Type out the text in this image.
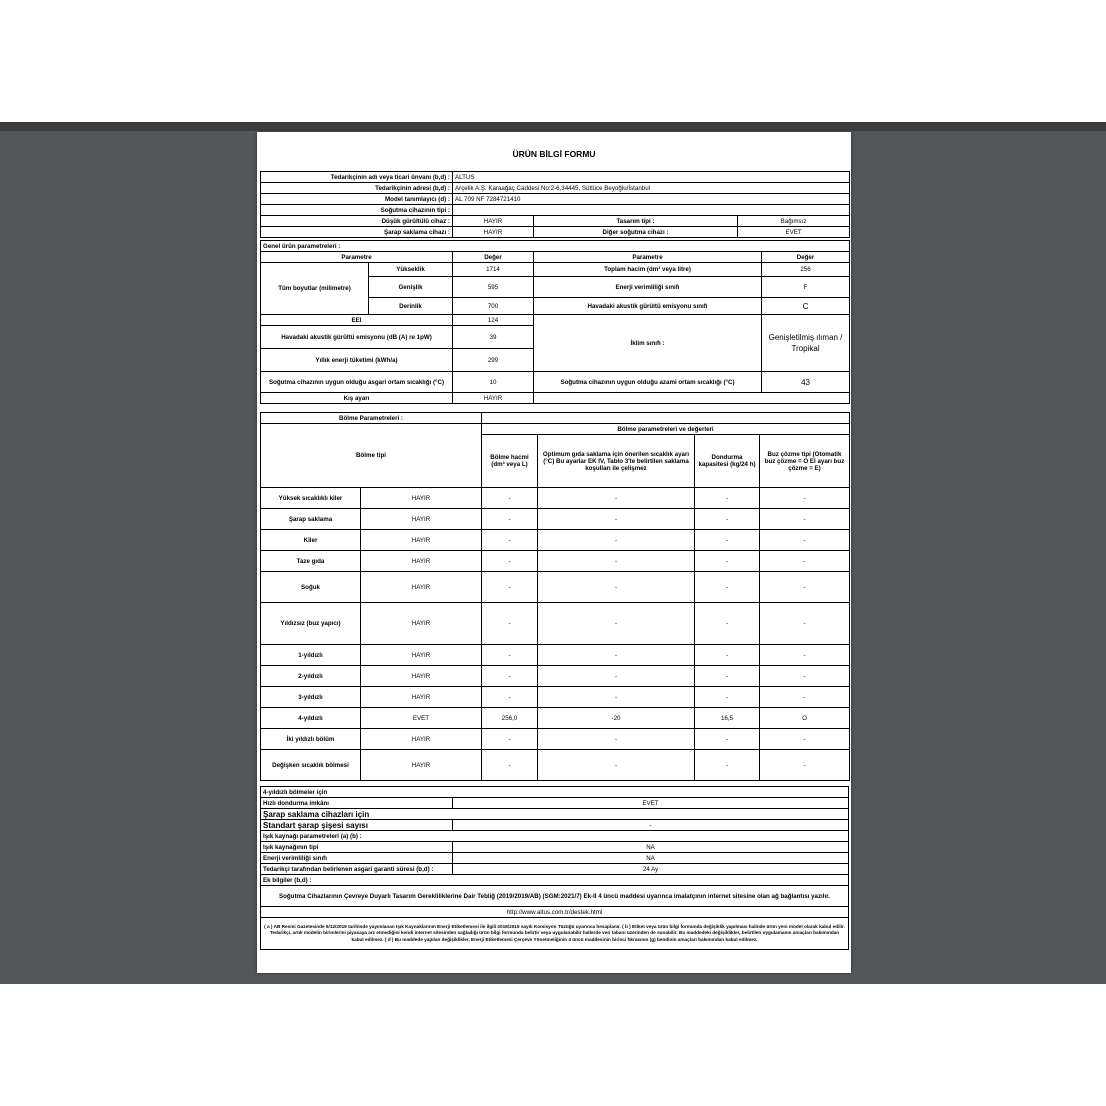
ÜRÜN BİLGİ FORMU
Tedarikçinin adı veya ticari ünvanı (b,d) :	ALTUS		
Tedarikçinin adresi (b,d) :	Arçelik A.Ş. Karaağaç Caddesi No:2-6,34445, Sütlüce Beyoğlu/İstanbul		
Model tanımlayıcı (d) :	AL 709 NF 7284721410		
Soğutma cihazının tipi :			
Düşük gürültülü cihaz :	HAYIR	Tasarım tipi :	Bağımsız
Şarap saklama cihazı :	HAYIR	Diğer soğutma cihazı :	EVET
Genel ürün parametreleri :				
Parametre		Değer	Parametre	Değer
Tüm boyutlar (milimetre)	Yükseklik	1714	Toplam hacim (dm³ veya litre)	256
	Genişlik	595	Enerji verimliliği sınıfı	F
	Derinlik	700	Havadaki akustik gürültü emisyonu sınıfı	C
EEI		124	İklim sınıfı :	Genişletilmiş ılıman / Tropikal
Havadaki akustik gürültü emisyonu (dB (A) re 1pW)		39		
Yıllık enerji tüketimi (kWh/a)		299		
Soğutma cihazının uygun olduğu asgari ortam sıcaklığı (°C)		10	Soğutma cihazının uygun olduğu azami ortam sıcaklığı (°C)	43
Kış ayarı		HAYIR		
Bölme Parametreleri :					
Bölme tipi		Bölme parametreleri ve değerleri			
		Bölme hacmi (dm³ veya L)	Optimum gıda saklama için önerilen sıcaklık ayarı (°C) Bu ayarlar EK IV, Tablo 3'te belirtilen saklama koşulları ile çelişmez	Dondurma kapasitesi (kg/24 h)	Buz çözme tipi (Otomatik buz çözme = O El ayarı buz çözme = E)
Yüksek sıcaklıklı kiler	HAYIR	-	-	-	-
Şarap saklama	HAYIR	-	-	-	-
Kiler	HAYIR	-	-	-	-
Taze gıda	HAYIR	-	-	-	-
Soğuk	HAYIR	-	-	-	-
Yıldızsız (buz yapıcı)	HAYIR	-	-	-	-
1-yıldızlı	HAYIR	-	-	-	-
2-yıldızlı	HAYIR	-	-	-	-
3-yıldızlı	HAYIR	-	-	-	-
4-yıldızlı	EVET	256,0	-20	16,5	O
İki yıldızlı bölüm	HAYIR	-	-	-	-
Değişken sıcaklık bölmesi	HAYIR	-	-	-	-
4-yıldızlı bölmeler için	
Hızlı dondurma imkânı	EVET
Şarap saklama cihazları için	
Standart şarap şişesi sayısı	-
Işık kaynağı parametreleri (a) (b) :	
Işık kaynağının tipi	NA
Enerji verimliliği sınıfı	NA
Tedarikçi tarafından belirlenen asgari garanti süresi (b,d) :	24 Ay
Ek bilgiler (b,d) :	
Soğutma Cihazlarının Çevreye Duyarlı Tasarım Gereklilikler​ine Dair Tebliğ (2019/2019/AB) (SGM:2021/7) Ek-II 4 üncü maddesi uyarınca imalatçının internet sitesine olan ağ bağlantısı yazılır.	
http://www.altus.com.tr/destek.html	
( a ) AB Resmi Gazetesinde 5/12/2019 tarihinde yayımlanan Işık Kaynaklarının Enerji Etiketlemesi ile ilgili 2019/2015 sayılı Komisyon Tüzüğü uyarınca hesaplanır. ( b ) Etiket veya ürün bilgi formunda değişiklik yapılması halinde ürün yeni model olarak kabul edilir. Tedarikçi, artık modelin birimlerini piyasaya arz etmediğini kendi internet sitesinden sağladığı ürün bilgi formunda belirtir veya uygulanabilir hallerde veri tabanı üzerinden de sunabilir. Bu maddedeki değişiklikler, belirtilen uygulamanın amaçları bakımından kabul edilmez. ( d ) Bu maddede yapılan değişiklikler, Enerji Etiketlemesi Çerçeve Yönetmeliğinin 4 üncü maddesinin birinci fıkrasının (g) bendinin amaçları bakımından kabul edilmez.	
